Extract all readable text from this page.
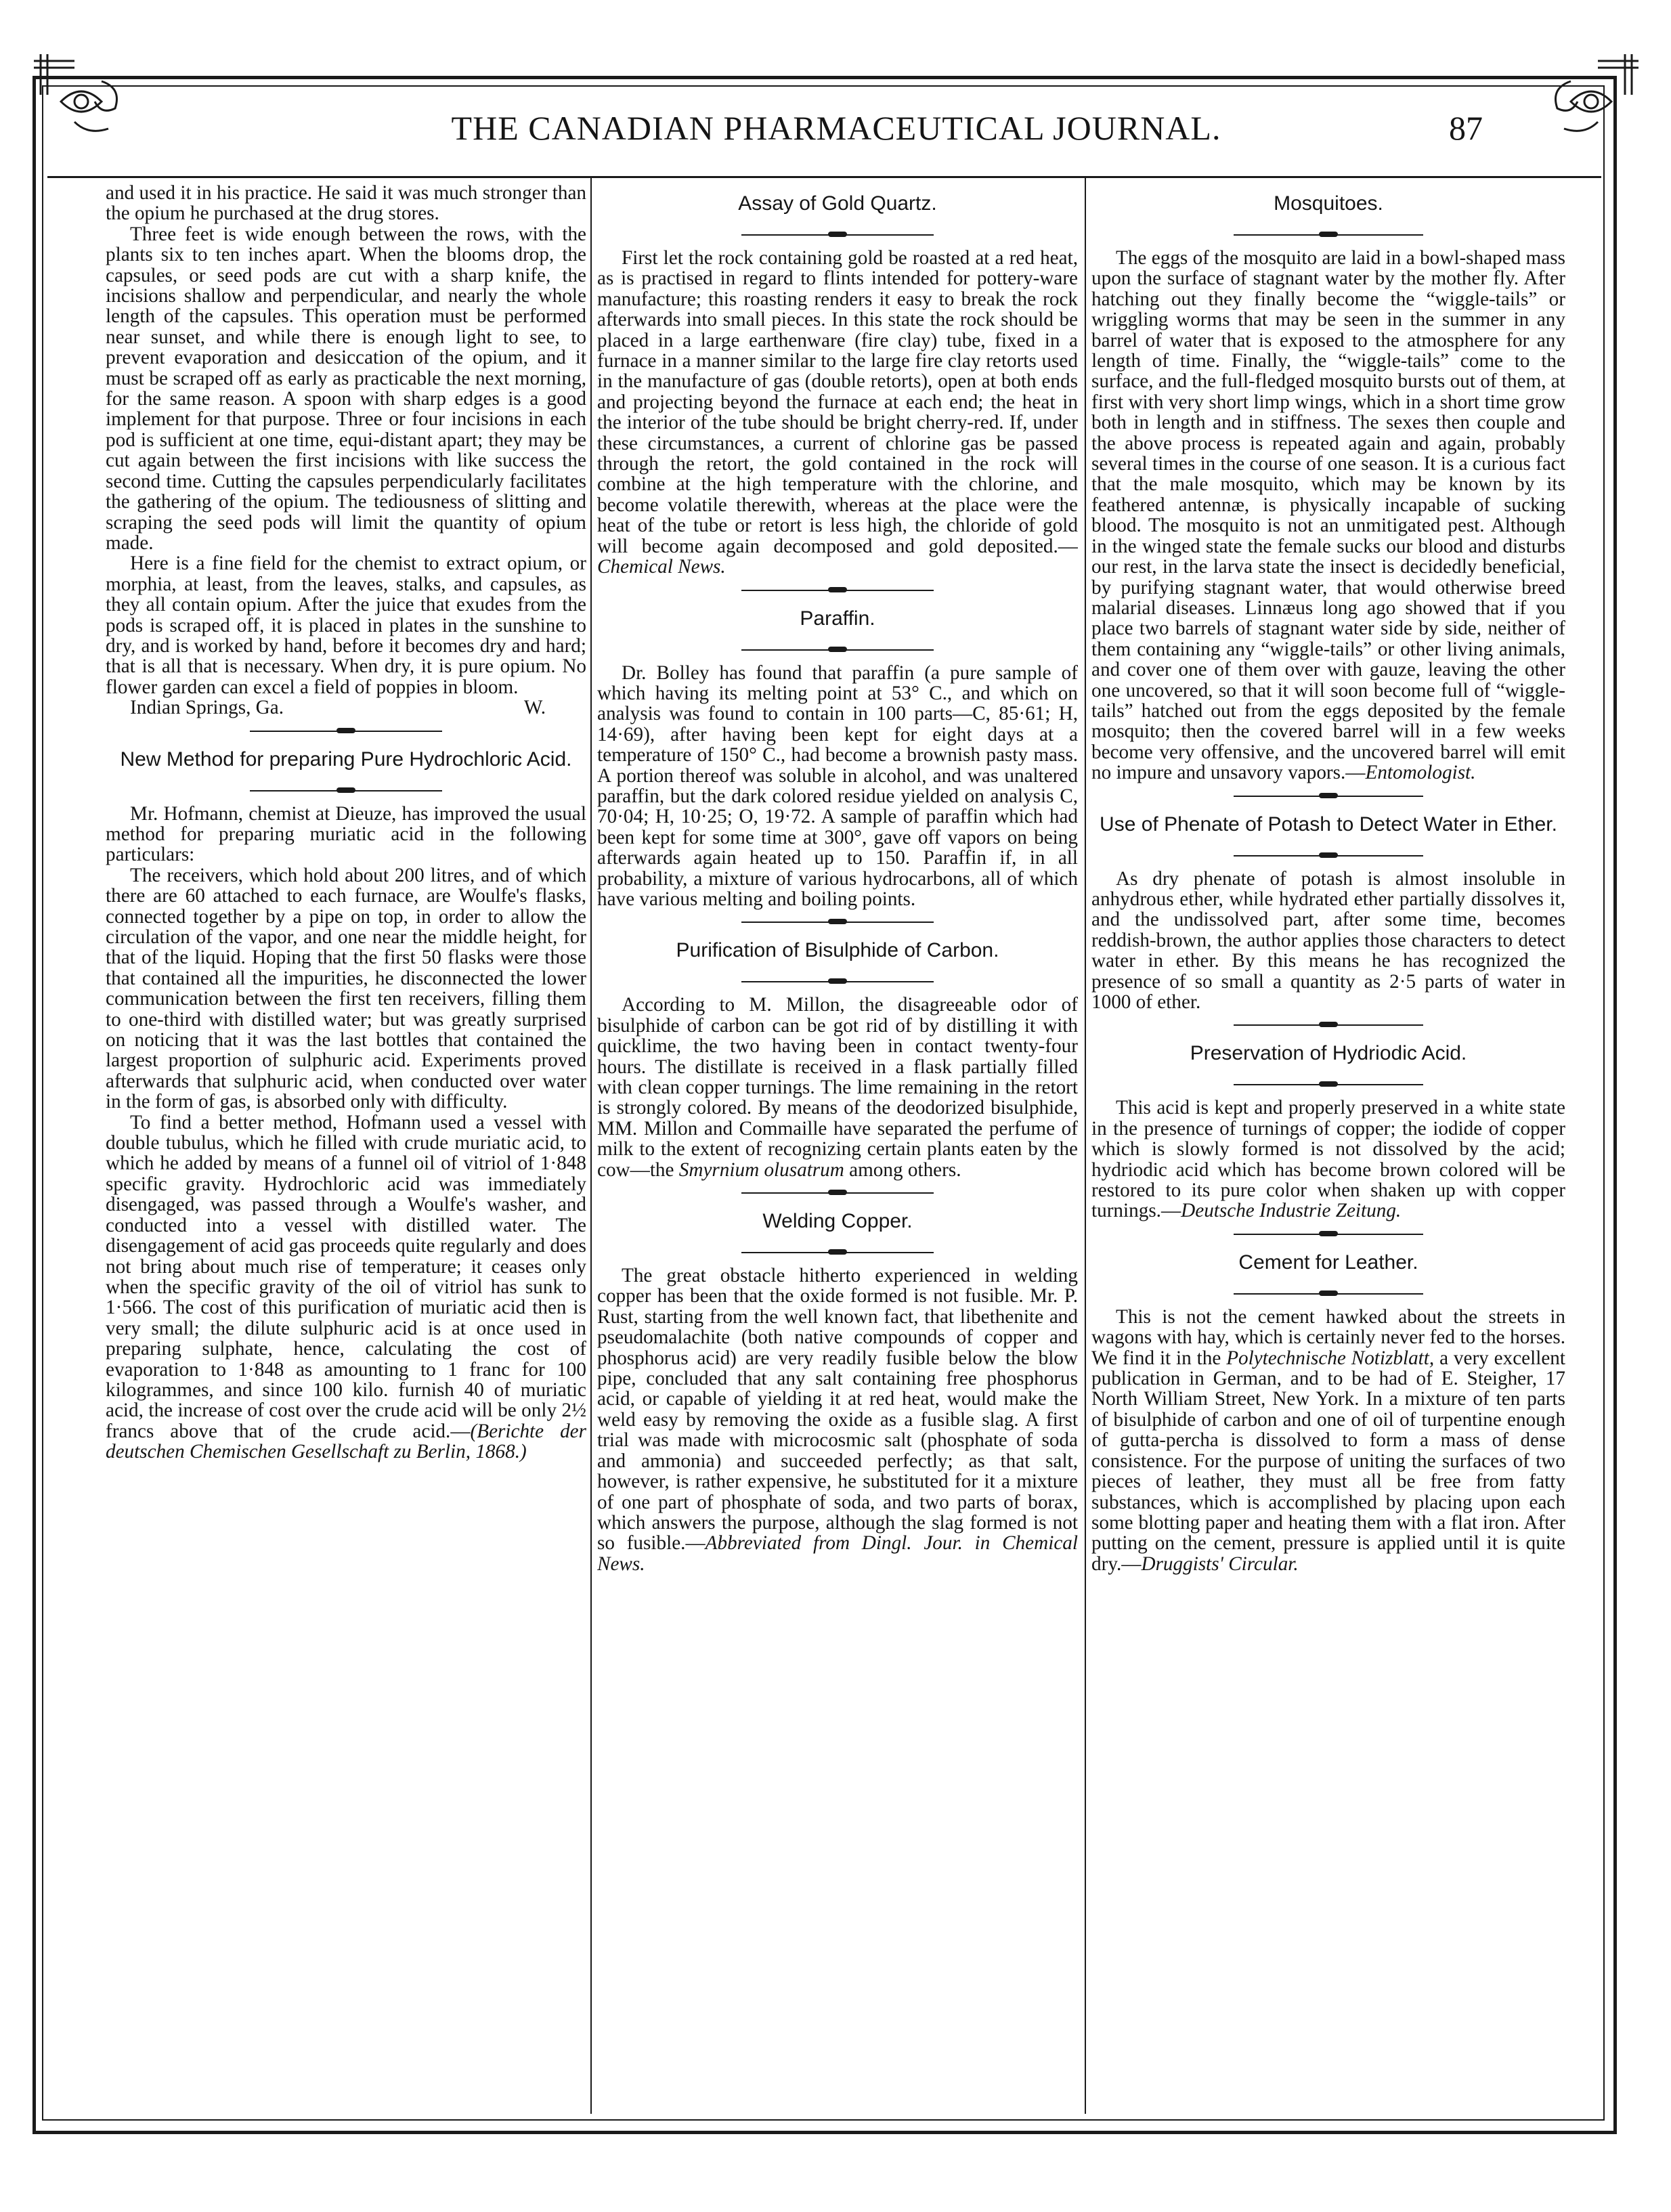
THE CANADIAN PHARMACEUTICAL JOURNAL.	87

and used it in his practice. He said it was much stronger than the opium he purchased at the drug stores.

Three feet is wide enough between the rows, with the plants six to ten inches apart. When the blooms drop, the capsules, or seed pods are cut with a sharp knife, the incisions shallow and perpendicular, and nearly the whole length of the capsules. This operation must be performed near sunset, and while there is enough light to see, to prevent evaporation and desiccation of the opium, and it must be scraped off as early as practicable the next morning, for the same reason. A spoon with sharp edges is a good implement for that purpose. Three or four incisions in each pod is sufficient at one time, equi-distant apart; they may be cut again between the first incisions with like success the second time. Cutting the capsules perpendicularly facilitates the gathering of the opium. The tediousness of slitting and scraping the seed pods will limit the quantity of opium made.

Here is a fine field for the chemist to extract opium, or morphia, at least, from the leaves, stalks, and capsules, as they all contain opium. After the juice that exudes from the pods is scraped off, it is placed in plates in the sunshine to dry, and is worked by hand, before it becomes dry and hard; that is all that is necessary. When dry, it is pure opium. No flower garden can excel a field of poppies in bloom.

Indian Springs, Ga.	W.
New Method for preparing Pure Hydrochloric Acid.

Mr. Hofmann, chemist at Dieuze, has improved the usual method for preparing muriatic acid in the following particulars:

The receivers, which hold about 200 litres, and of which there are 60 attached to each furnace, are Woulfe's flasks, connected together by a pipe on top, in order to allow the circulation of the vapor, and one near the middle height, for that of the liquid. Hoping that the first 50 flasks were those that contained all the impurities, he disconnected the lower communication between the first ten receivers, filling them to one-third with distilled water; but was greatly surprised on noticing that it was the last bottles that contained the largest proportion of sulphuric acid. Experiments proved afterwards that sulphuric acid, when conducted over water in the form of gas, is absorbed only with difficulty.

To find a better method, Hofmann used a vessel with double tubulus, which he filled with crude muriatic acid, to which he added by means of a funnel oil of vitriol of 1·848 specific gravity. Hydrochloric acid was immediately disengaged, was passed through a Woulfe's washer, and conducted into a vessel with distilled water. The disengagement of acid gas proceeds quite regularly and does not bring about much rise of temperature; it ceases only when the specific gravity of the oil of vitriol has sunk to 1·566. The cost of this purification of muriatic acid then is very small; the dilute sulphuric acid is at once used in preparing sulphate, hence, calculating the cost of evaporation to 1·848 as amounting to 1 franc for 100 kilogrammes, and since 100 kilo. furnish 40 of muriatic acid, the increase of cost over the crude acid will be only 2½ francs above that of the crude acid.—(Berichte der deutschen Chemischen Gesellschaft zu Berlin, 1868.)

Assay of Gold Quartz.

First let the rock containing gold be roasted at a red heat, as is practised in regard to flints intended for pottery-ware manufacture; this roasting renders it easy to break the rock afterwards into small pieces. In this state the rock should be placed in a large earthenware (fire clay) tube, fixed in a furnace in a manner similar to the large fire clay retorts used in the manufacture of gas (double retorts), open at both ends and projecting beyond the furnace at each end; the heat in the interior of the tube should be bright cherry-red. If, under these circumstances, a current of chlorine gas be passed through the retort, the gold contained in the rock will combine at the high temperature with the chlorine, and become volatile therewith, whereas at the place were the heat of the tube or retort is less high, the chloride of gold will become again decomposed and gold deposited.—Chemical News.

Paraffin.

Dr. Bolley has found that paraffin (a pure sample of which having its melting point at 53° C., and which on analysis was found to contain in 100 parts—C, 85·61; H, 14·69), after having been kept for eight days at a temperature of 150° C., had become a brownish pasty mass. A portion thereof was soluble in alcohol, and was unaltered paraffin, but the dark colored residue yielded on analysis C, 70·04; H, 10·25; O, 19·72. A sample of paraffin which had been kept for some time at 300°, gave off vapors on being afterwards again heated up to 150. Paraffin if, in all probability, a mixture of various hydrocarbons, all of which have various melting and boiling points.

Purification of Bisulphide of Carbon.

According to M. Millon, the disagreeable odor of bisulphide of carbon can be got rid of by distilling it with quicklime, the two having been in contact twenty-four hours. The distillate is received in a flask partially filled with clean copper turnings. The lime remaining in the retort is strongly colored. By means of the deodorized bisulphide, MM. Millon and Commaille have separated the perfume of milk to the extent of recognizing certain plants eaten by the cow—the Smyrnium olusatrum among others.

Welding Copper.

The great obstacle hitherto experienced in welding copper has been that the oxide formed is not fusible. Mr. P. Rust, starting from the well known fact, that libethenite and pseudomalachite (both native compounds of copper and phosphorus acid) are very readily fusible below the blow pipe, concluded that any salt containing free phosphorus acid, or capable of yielding it at red heat, would make the weld easy by removing the oxide as a fusible slag. A first trial was made with microcosmic salt (phosphate of soda and ammonia) and succeeded perfectly; as that salt, however, is rather expensive, he substituted for it a mixture of one part of phosphate of soda, and two parts of borax, which answers the purpose, although the slag formed is not so fusible.—Abbreviated from Dingl. Jour. in Chemical News.

Mosquitoes.

The eggs of the mosquito are laid in a bowl-shaped mass upon the surface of stagnant water by the mother fly. After hatching out they finally become the “wiggle-tails” or wriggling worms that may be seen in the summer in any barrel of water that is exposed to the atmosphere for any length of time. Finally, the “wiggle-tails” come to the surface, and the full-fledged mosquito bursts out of them, at first with very short limp wings, which in a short time grow both in length and in stiffness. The sexes then couple and the above process is repeated again and again, probably several times in the course of one season. It is a curious fact that the male mosquito, which may be known by its feathered antennæ, is physically incapable of sucking blood. The mosquito is not an unmitigated pest. Although in the winged state the female sucks our blood and disturbs our rest, in the larva state the insect is decidedly beneficial, by purifying stagnant water, that would otherwise breed malarial diseases. Linnæus long ago showed that if you place two barrels of stagnant water side by side, neither of them containing any “wiggle-tails” or other living animals, and cover one of them over with gauze, leaving the other one uncovered, so that it will soon become full of “wiggle-tails” hatched out from the eggs deposited by the female mosquito; then the covered barrel will in a few weeks become very offensive, and the uncovered barrel will emit no impure and unsavory vapors.—Entomologist.

Use of Phenate of Potash to Detect Water in Ether.

As dry phenate of potash is almost insoluble in anhydrous ether, while hydrated ether partially dissolves it, and the undissolved part, after some time, becomes reddish-brown, the author applies those characters to detect water in ether. By this means he has recognized the presence of so small a quantity as 2·5 parts of water in 1000 of ether.

Preservation of Hydriodic Acid.

This acid is kept and properly preserved in a white state in the presence of turnings of copper; the iodide of copper which is slowly formed is not dissolved by the acid; hydriodic acid which has become brown colored will be restored to its pure color when shaken up with copper turnings.—Deutsche Industrie Zeitung.

Cement for Leather.

This is not the cement hawked about the streets in wagons with hay, which is certainly never fed to the horses. We find it in the Polytechnische Notizblatt, a very excellent publication in German, and to be had of E. Steigher, 17 North William Street, New York. In a mixture of ten parts of bisulphide of carbon and one of oil of turpentine enough of gutta-percha is dissolved to form a mass of dense consistence. For the purpose of uniting the surfaces of two pieces of leather, they must all be free from fatty substances, which is accomplished by placing upon each some blotting paper and heating them with a flat iron. After putting on the cement, pressure is applied until it is quite dry.—Druggists' Circular.
